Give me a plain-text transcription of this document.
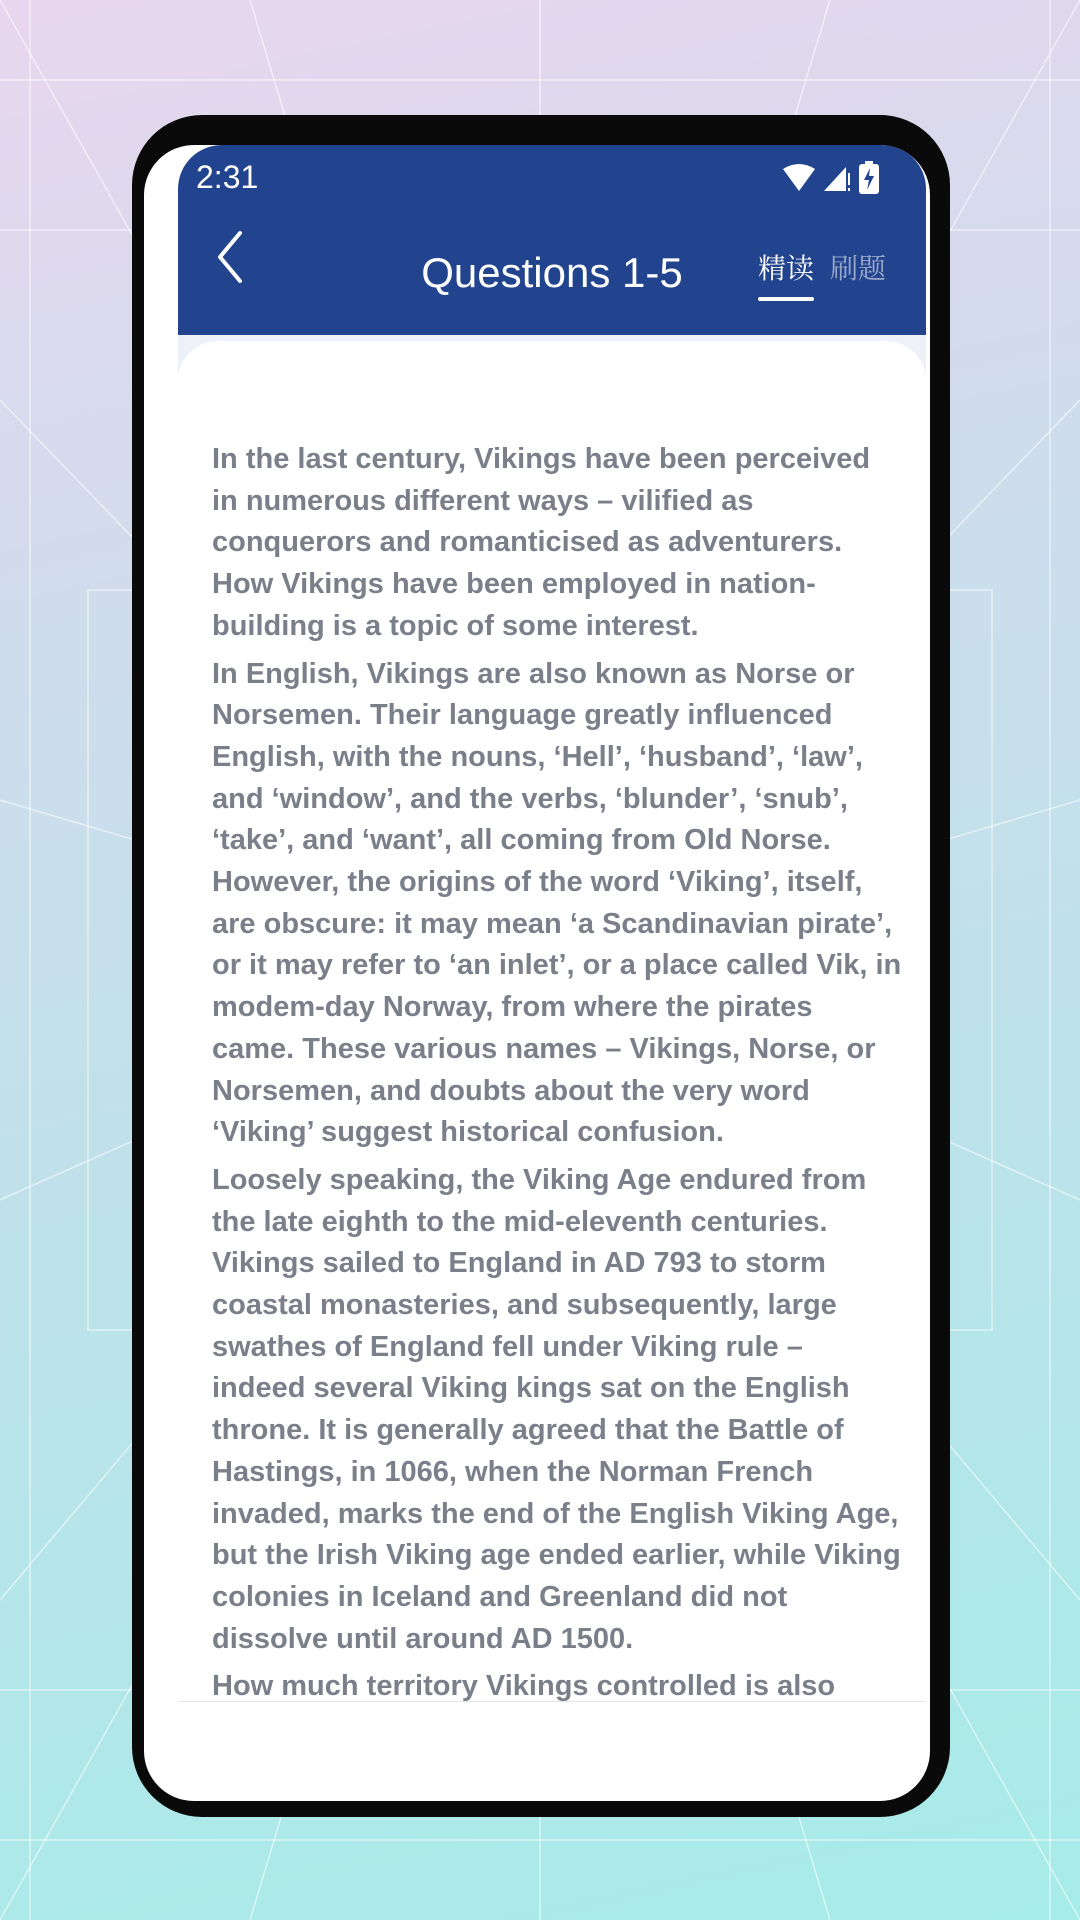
2:31
Questions 1-5	精读 刷题

In the last century, Vikings have been perceived in numerous different ways – vilified as conquerors and romanticised as adventurers. How Vikings have been employed in nation-building is a topic of some interest.

In English, Vikings are also known as Norse or Norsemen. Their language greatly influenced English, with the nouns, ‘Hell’, ‘husband’, ‘law’, and ‘window’, and the verbs, ‘blunder’, ‘snub’, ‘take’, and ‘want’, all coming from Old Norse. However, the origins of the word ‘Viking’, itself, are obscure: it may mean ‘a Scandinavian pirate’, or it may refer to ‘an inlet’, or a place called Vik, in modem-day Norway, from where the pirates came. These various names – Vikings, Norse, or Norsemen, and doubts about the very word ‘Viking’ suggest historical confusion.

Loosely speaking, the Viking Age endured from the late eighth to the mid-eleventh centuries. Vikings sailed to England in AD 793 to storm coastal monasteries, and subsequently, large swathes of England fell under Viking rule – indeed several Viking kings sat on the English throne. It is generally agreed that the Battle of Hastings, in 1066, when the Norman French invaded, marks the end of the English Viking Age, but the Irish Viking age ended earlier, while Viking colonies in Iceland and Greenland did not dissolve until around AD 1500.

How much territory Vikings controlled is also
